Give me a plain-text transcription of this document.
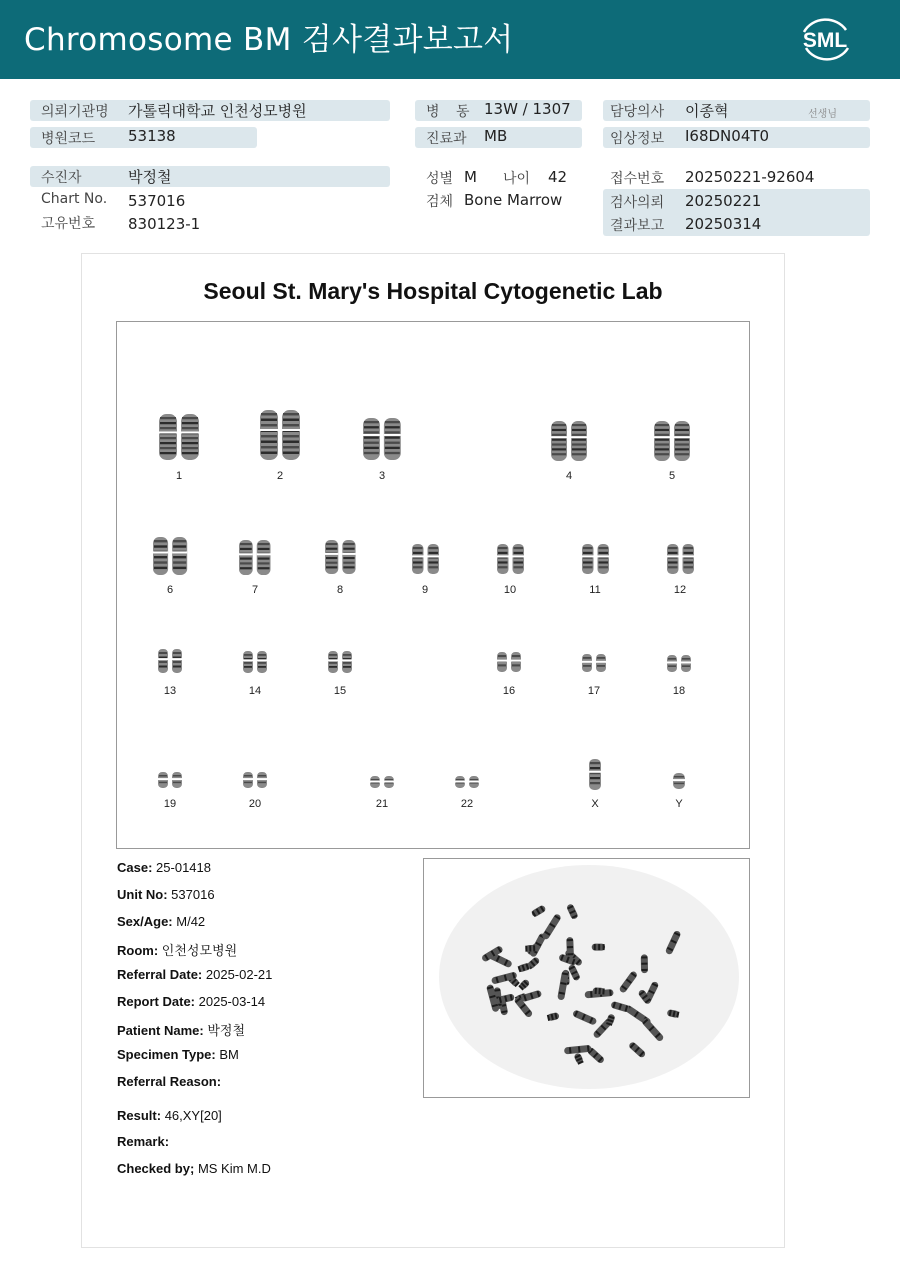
Chromosome BM 검사결과보고서	SML
의뢰기관명 가톨릭대학교 인천성모병원
병원코드 53138
병 동 13W / 1307
진료과 MB
담당의사 이종혁	선생님
임상정보 I68DN04T0
수진자	박정철
Chart No. 537016
고유번호 830123-1
성별 M 나이 42
검체 Bone Marrow
접수번호 20250221-92604
검사의뢰 20250221
결과보고 20250314
Seoul St. Mary's Hospital Cytogenetic Lab
1	2	3	4	5
6	7	8	9	10	11	12
13	14	15	16	17	18
19	20	21	22	X	Y
Case: 25-01418
Unit No: 537016
Sex/Age: M/42
Room: 인천성모병원
Referral Date: 2025-02-21
Report Date: 2025-03-14
Patient Name: 박정철
Specimen Type: BM
Referral Reason:
Result: 46,XY[20]
Remark:
Checked by; MS Kim M.D
